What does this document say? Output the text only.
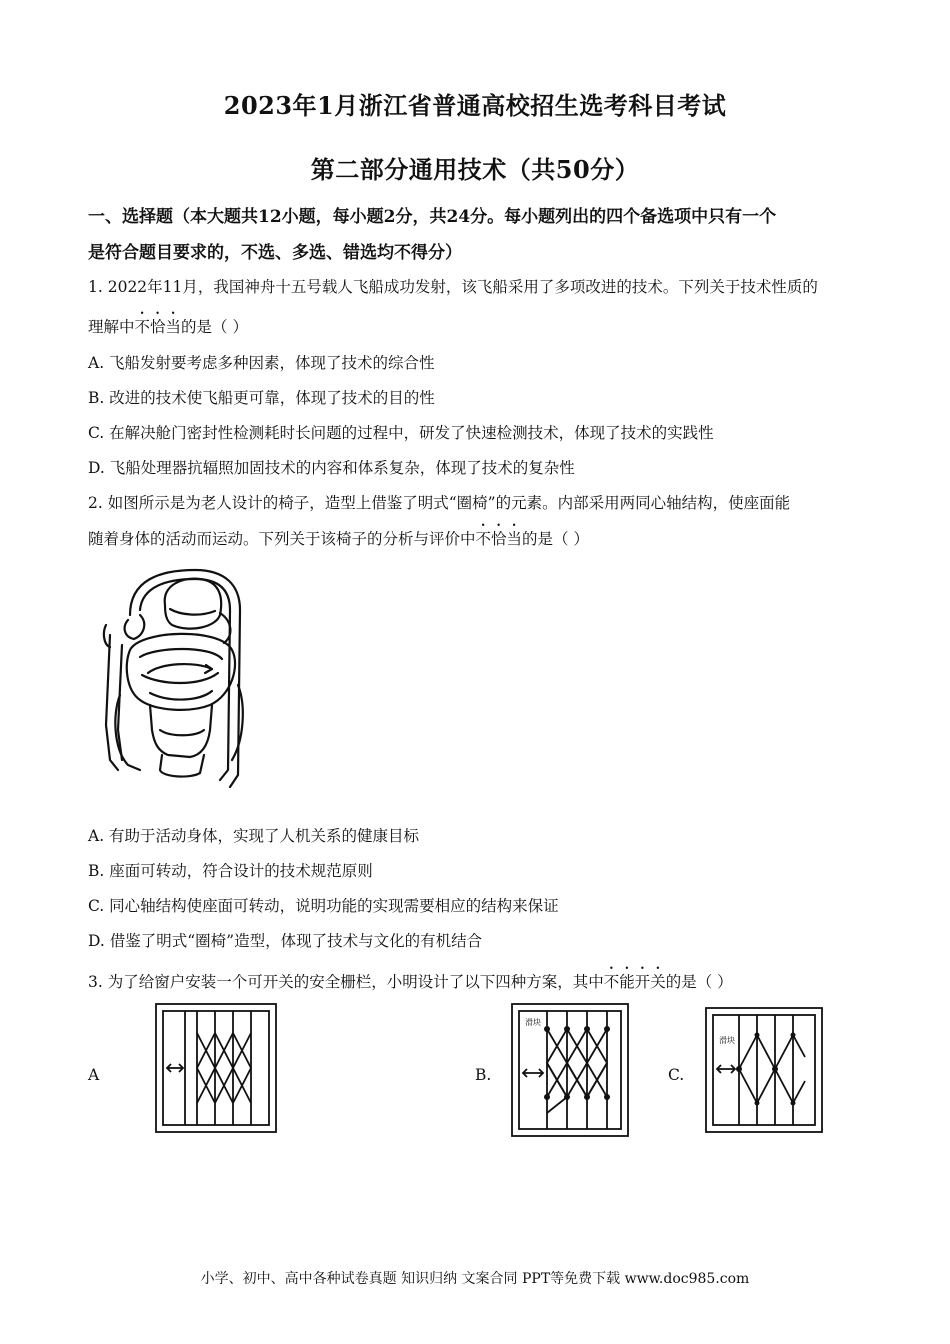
2023年1月浙江省普通高校招生选考科目考试
第二部分通用技术（共50分）
一、选择题（本大题共12小题，每小题2分，共24分。每小题列出的四个备选项中只有一个
是符合题目要求的，不选、多选、错选均不得分）
1. 2022年11月，我国神舟十五号载人飞船成功发射，该飞船采用了多项改进的技术。下列关于技术性质的
理解中不恰当的是（ ）
A. 飞船发射要考虑多种因素，体现了技术的综合性
B. 改进的技术使飞船更可靠，体现了技术的目的性
C. 在解决舱门密封性检测耗时长问题的过程中，研发了快速检测技术，体现了技术的实践性
D. 飞船处理器抗辐照加固技术的内容和体系复杂，体现了技术的复杂性
2. 如图所示是为老人设计的椅子，造型上借鉴了明式“圈椅”的元素。内部采用两同心轴结构，使座面能
随着身体的活动而运动。下列关于该椅子的分析与评价中不恰当的是（ ）
A. 有助于活动身体，实现了人机关系的健康目标
B. 座面可转动，符合设计的技术规范原则
C. 同心轴结构使座面可转动，说明功能的实现需要相应的结构来保证
D. 借鉴了明式“圈椅”造型，体现了技术与文化的有机结合
3. 为了给窗户安装一个可开关的安全栅栏，小明设计了以下四种方案，其中不能开关的是（ ）
A	B.	C.
滑块
滑块
小学、初中、高中各种试卷真题 知识归纳 文案合同 PPT等免费下载 www.doc985.com
